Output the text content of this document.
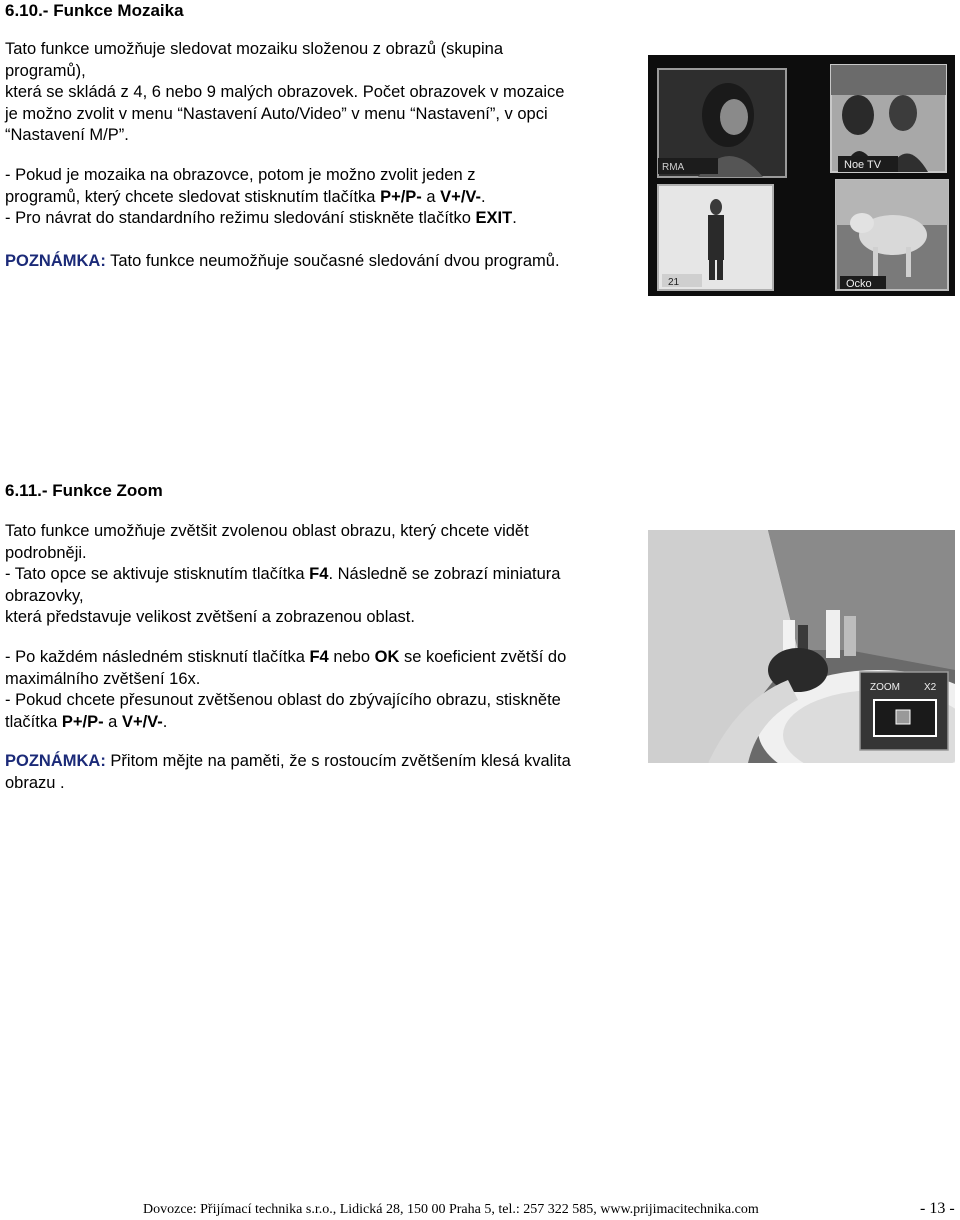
6.10.- Funkce Mozaika
Tato funkce umožňuje sledovat mozaiku složenou z obrazů (skupina
programů),
která se skládá z 4, 6 nebo 9 malých obrazovek. Počet obrazovek v mozaice
je možno zvolit v menu “Nastavení Auto/Video” v menu “Nastavení”, v opci
“Nastavení M/P”.
- Pokud je mozaika na obrazovce, potom je možno zvolit jeden z
programů, který chcete sledovat stisknutím tlačítka P+/P- a V+/V-.
- Pro návrat do standardního režimu sledování stiskněte tlačítko EXIT.
POZNÁMKA: Tato funkce neumožňuje současné sledování dvou programů.
RMA	Noe TV
21	Ocko
6.11.- Funkce Zoom
Tato funkce umožňuje zvětšit zvolenou oblast obrazu, který chcete vidět
podrobněji.
- Tato opce se aktivuje stisknutím tlačítka F4. Následně se zobrazí miniatura
obrazovky,
která představuje velikost zvětšení a zobrazenou oblast.
- Po každém následném stisknutí tlačítka F4 nebo OK se koeficient zvětší do
maximálního zvětšení 16x.
- Pokud chcete přesunout zvětšenou oblast do zbývajícího obrazu, stiskněte
tlačítka P+/P- a V+/V-.
POZNÁMKA: Přitom mějte na paměti, že s rostoucím zvětšením klesá kvalita
obrazu .
ZOOM X2
Dovozce: Přijímací technika s.r.o., Lidická 28, 150 00 Praha 5, tel.: 257 322 585, www.prijimacitechnika.com	- 13 -
